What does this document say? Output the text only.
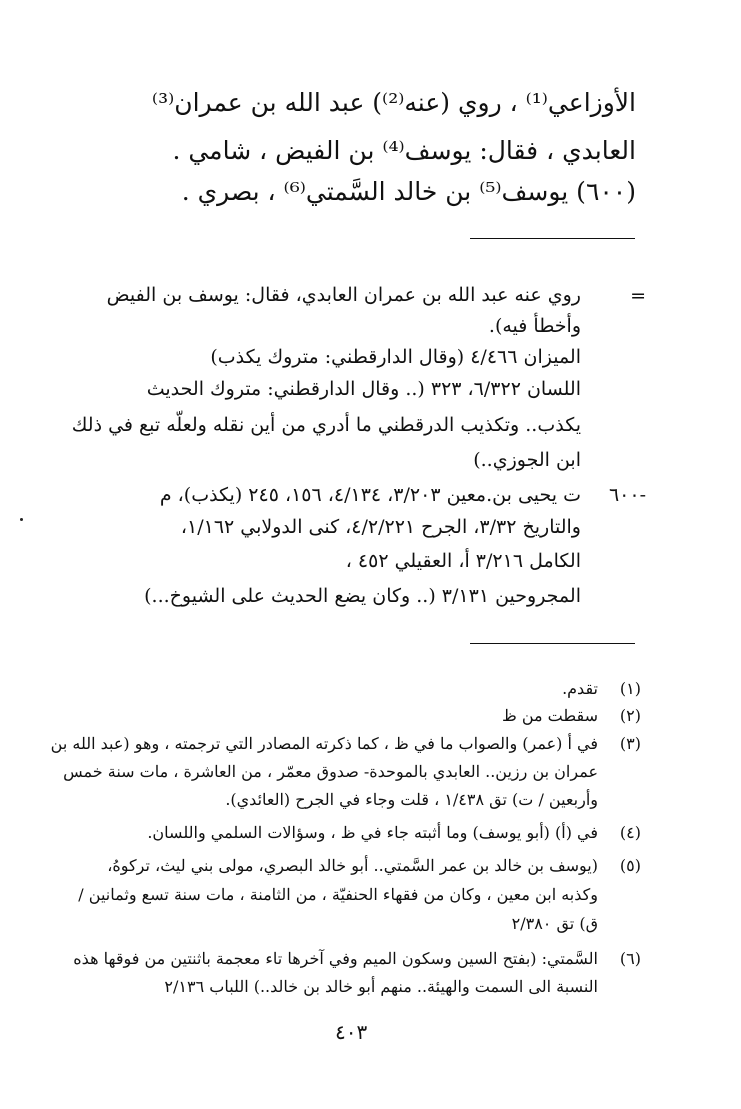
الأوزاعي⁽¹⁾ ، روي (عنه⁽²⁾) عبد الله بن عمران⁽³⁾
العابدي ، فقال: يوسف⁽⁴⁾ بن الفيض ، شامي .
(٦٠٠) يوسف⁽⁵⁾ بن خالد السَّمتي⁽⁶⁾ ، بصري .
=
روي عنه عبد الله بن عمران العابدي، فقال: يوسف بن الفيض
وأخطأ فيه).
الميزان ٤/٤٦٦ (وقال الدارقطني: متروك يكذب)
اللسان ٦/٣٢٢، ٣٢٣ (.. وقال الدارقطني: متروك الحديث
يكذب.. وتكذيب الدرقطني ما أدري من أين نقله ولعلّه تبع في ذلك
ابن الجوزي..)
٦٠٠-
ت يحيى بن.معين ٣/٢٠٣، ٤/١٣٤، ١٥٦، ٢٤٥ (يكذب)، م
والتاريخ ٣/٣٢، الجرح ٤/٢/٢٢١، كنى الدولابي ١/١٦٢،
الكامل ٣/٢١٦ أ، العقيلي ٤٥٢ ،
المجروحين ٣/١٣١ (.. وكان يضع الحديث على الشيوخ...)
(١)
تقدم.
(٢)
سقطت من ظ
(٣)
في أ (عمر) والصواب ما في ظ ، كما ذكرته المصادر التي ترجمته ، وهو (عبد الله بن
عمران بن رزين.. العابدي بالموحدة- صدوق معمّر ، من العاشرة ، مات سنة خمس
وأربعين / ت) تق ١/٤٣٨ ، قلت وجاء في الجرح (العائدي).
(٤)
في (أ) (أبو يوسف) وما أثبته جاء في ظ ، وسؤالات السلمي واللسان.
(٥)
(يوسف بن خالد بن عمر السَّمتي.. أبو خالد البصري، مولى بني ليث، تركوهُ،
وكذبه ابن معين ، وكان من فقهاء الحنفيّة ، من الثامنة ، مات سنة تسع وثمانين /
ق) تق ٢/٣٨٠
(٦)
السَّمتي: (بفتح السين وسكون الميم وفي آخرها تاء معجمة باثنتين من فوقها هذه
النسبة الى السمت والهيئة.. منهم أبو خالد بن خالد..) اللباب ٢/١٣٦
٤٠٣
